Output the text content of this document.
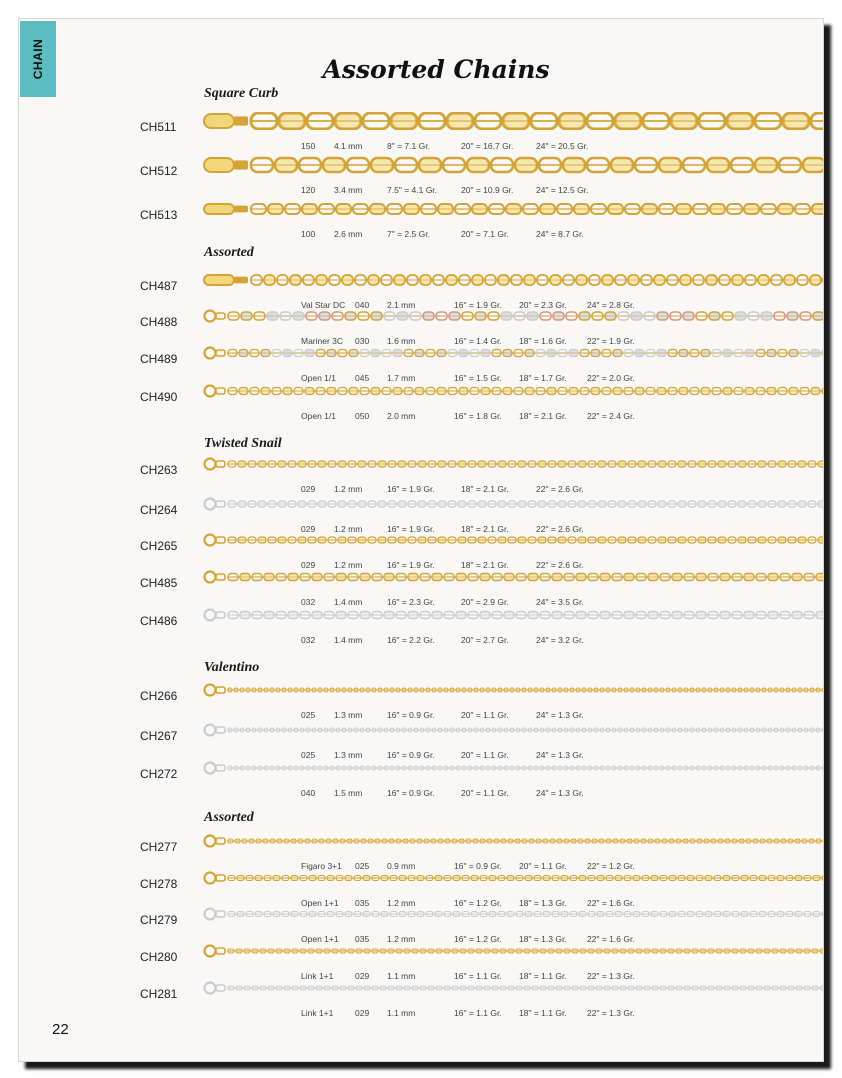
CHAIN	Assorted Chains
22
Square Curb
CH511
150 4.1 mm	8" = 7.1 Gr.	20" = 16.7 Gr.	24" = 20.5 Gr.
CH512
120 3.4 mm	7.5" = 4.1 Gr.	20" = 10.9 Gr.	24" = 12.5 Gr.
CH513
100 2.6 mm	7" = 2.5 Gr.	20" = 7.1 Gr.	24" = 8.7 Gr.
Assorted
CH487
Val Star DC 040 2.1 mm	16" = 1.9 Gr. 20" = 2.3 Gr. 24" = 2.8 Gr.
CH488
Mariner 3C 030 1.6 mm	16" = 1.4 Gr. 18" = 1.6 Gr. 22" = 1.9 Gr.
CH489
Open 1/1 045 1.7 mm	16" = 1.5 Gr. 18" = 1.7 Gr. 22" = 2.0 Gr.
CH490
Open 1/1 050 2.0 mm	16" = 1.8 Gr. 18" = 2.1 Gr. 22" = 2.4 Gr.
Twisted Snail
CH263
029 1.2 mm	16" = 1.9 Gr.	18" = 2.1 Gr.	22" = 2.6 Gr.
CH264
029 1.2 mm	16" = 1.9 Gr.	18" = 2.1 Gr.	22" = 2.6 Gr.
CH265
029 1.2 mm	16" = 1.9 Gr.	18" = 2.1 Gr.	22" = 2.6 Gr.
CH485
032 1.4 mm	16" = 2.3 Gr.	20" = 2.9 Gr.	24" = 3.5 Gr.
CH486
032 1.4 mm	16" = 2.2 Gr.	20" = 2.7 Gr.	24" = 3.2 Gr.
Valentino
CH266
025 1.3 mm	16" = 0.9 Gr.	20" = 1.1 Gr.	24" = 1.3 Gr.
CH267
025 1.3 mm	16" = 0.9 Gr.	20" = 1.1 Gr.	24" = 1.3 Gr.
CH272
040 1.5 mm	16" = 0.9 Gr.	20" = 1.1 Gr.	24" = 1.3 Gr.
Assorted
CH277
Figaro 3+1 025 0.9 mm	16" = 0.9 Gr. 20" = 1.1 Gr. 22" = 1.2 Gr.
CH278
Open 1+1 035 1.2 mm	16" = 1.2 Gr. 18" = 1.3 Gr. 22" = 1.6 Gr.
CH279
Open 1+1 035 1.2 mm	16" = 1.2 Gr. 18" = 1.3 Gr. 22" = 1.6 Gr.
CH280
Link 1+1	029 1.1 mm	16" = 1.1 Gr. 18" = 1.1 Gr. 22" = 1.3 Gr.
CH281
Link 1+1	029 1.1 mm	16" = 1.1 Gr. 18" = 1.1 Gr. 22" = 1.3 Gr.
